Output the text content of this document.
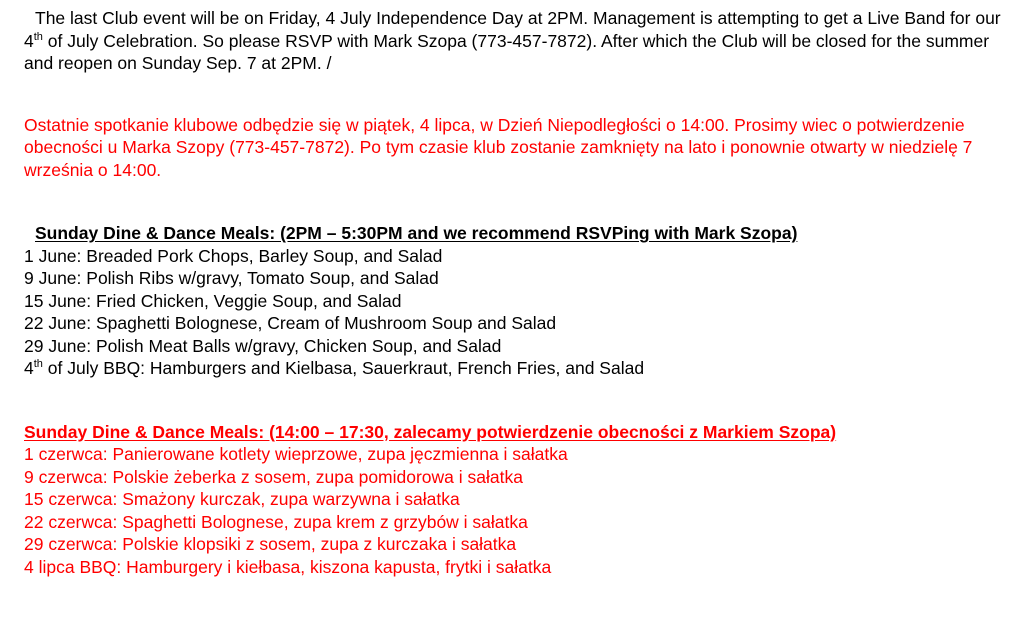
The last Club event will be on Friday, 4 July Independence Day at 2PM. Management is attempting to get a Live Band for our 4th of July Celebration. So please RSVP with Mark Szopa (773-457-7872). After which the Club will be closed for the summer and reopen on Sunday Sep. 7 at 2PM. /

Ostatnie spotkanie klubowe odbędzie się w piątek, 4 lipca, w Dzień Niepodległości o 14:00. Prosimy wiec o potwierdzenie obecności u Marka Szopy (773-457-7872). Po tym czasie klub zostanie zamknięty na lato i ponownie otwarty w niedzielę 7 września o 14:00.

Sunday Dine & Dance Meals: (2PM – 5:30PM and we recommend RSVPing with Mark Szopa)
1 June: Breaded Pork Chops, Barley Soup, and Salad
9 June: Polish Ribs w/gravy, Tomato Soup, and Salad
15 June: Fried Chicken, Veggie Soup, and Salad
22 June: Spaghetti Bolognese, Cream of Mushroom Soup and Salad
29 June: Polish Meat Balls w/gravy, Chicken Soup, and Salad
4th of July BBQ: Hamburgers and Kielbasa, Sauerkraut, French Fries, and Salad
Sunday Dine & Dance Meals: (14:00 – 17:30, zalecamy potwierdzenie obecności z Markiem Szopa)
1 czerwca: Panierowane kotlety wieprzowe, zupa jęczmienna i sałatka
9 czerwca: Polskie żeberka z sosem, zupa pomidorowa i sałatka
15 czerwca: Smażony kurczak, zupa warzywna i sałatka
22 czerwca: Spaghetti Bolognese, zupa krem z grzybów i sałatka
29 czerwca: Polskie klopsiki z sosem, zupa z kurczaka i sałatka
4 lipca BBQ: Hamburgery i kiełbasa, kiszona kapusta, frytki i sałatka
